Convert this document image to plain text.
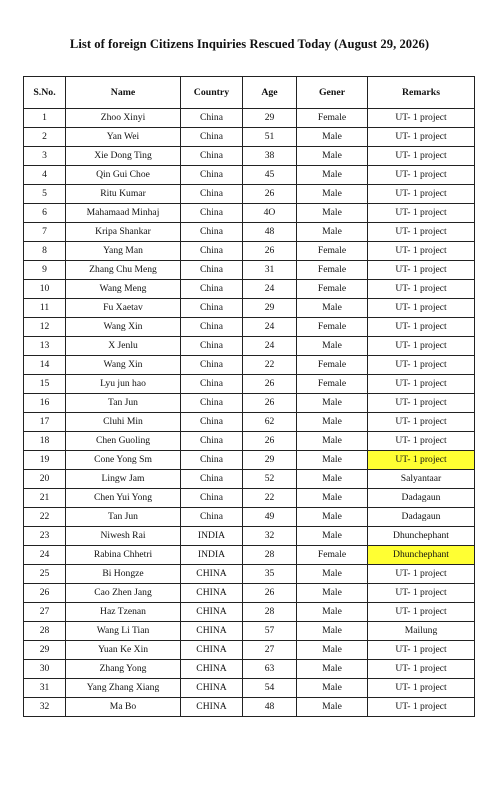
List of foreign Citizens Inquiries Rescued Today (August 29, 2026)
S.No.	Name	Country	Age	Gener	Remarks
1	Zhoo Xinyi	China	29	Female	UT- 1 project
2	Yan Wei	China	51	Male	UT- 1 project
3	Xie Dong Ting	China	38	Male	UT- 1 project
4	Qin Gui Choe	China	45	Male	UT- 1 project
5	Ritu Kumar	China	26	Male	UT- 1 project
6	Mahamaad Minhaj	China	4O	Male	UT- 1 project
7	Kripa Shankar	China	48	Male	UT- 1 project
8	Yang Man	China	26	Female	UT- 1 project
9	Zhang Chu Meng	China	31	Female	UT- 1 project
10	Wang Meng	China	24	Female	UT- 1 project
11	Fu Xaetav	China	29	Male	UT- 1 project
12	Wang Xin	China	24	Female	UT- 1 project
13	X Jenlu	China	24	Male	UT- 1 project
14	Wang Xin	China	22	Female	UT- 1 project
15	Lyu jun hao	China	26	Female	UT- 1 project
16	Tan Jun	China	26	Male	UT- 1 project
17	Cluhi Min	China	62	Male	UT- 1 project
18	Chen Guoling	China	26	Male	UT- 1 project
19	Cone Yong Sm	China	29	Male	UT- 1 project
20	Lingw Jam	China	52	Male	Salyantaar
21	Chen Yui Yong	China	22	Male	Dadagaun
22	Tan Jun	China	49	Male	Dadagaun
23	Niwesh Rai	INDIA	32	Male	Dhunchephant
24	Rabina Chhetri	INDIA	28	Female	Dhunchephant
25	Bi Hongze	CHINA	35	Male	UT- 1 project
26	Cao Zhen Jang	CHINA	26	Male	UT- 1 project
27	Haz Tzenan	CHINA	28	Male	UT- 1 project
28	Wang Li Tian	CHINA	57	Male	Mailung
29	Yuan Ke Xin	CHINA	27	Male	UT- 1 project
30	Zhang Yong	CHINA	63	Male	UT- 1 project
31	Yang Zhang Xiang	CHINA	54	Male	UT- 1 project
32	Ma Bo	CHINA	48	Male	UT- 1 project
